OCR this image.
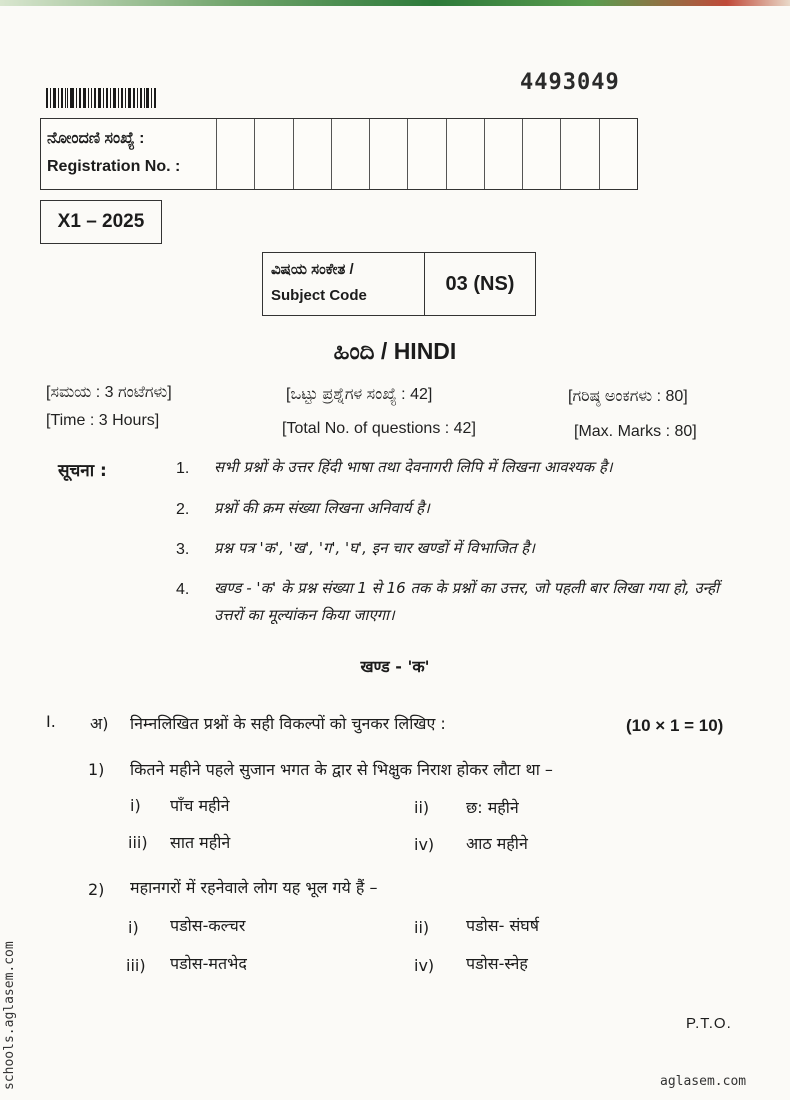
4493049
ನೋಂದಣಿ ಸಂಖ್ಯೆ :
Registration No. :
X1 – 2025
ವಿಷಯ ಸಂಕೇತ /
Subject Code
03 (NS)
ಹಿಂದಿ / HINDI
[ಸಮಯ : 3 ಗಂಟೆಗಳು]
[Time : 3 Hours]
[ಒಟ್ಟು ಪ್ರಶ್ನೆಗಳ ಸಂಖ್ಯೆ : 42]
[Total No. of questions : 42]
[ಗರಿಷ್ಠ ಅಂಕಗಳು : 80]
[Max. Marks : 80]
सूचना :	1. सभी प्रश्नों के उत्तर हिंदी भाषा तथा देवनागरी लिपि में लिखना आवश्यक है।
2. प्रश्नों की क्रम संख्या लिखना अनिवार्य है।
3. प्रश्न पत्र 'क', 'ख', 'ग', 'घ', इन चार खण्डों में विभाजित है।
4. खण्ड - 'क' के प्रश्न संख्या 1 से 16 तक के प्रश्नों का उत्तर, जो पहली बार लिखा गया हो, उन्हीं उत्तरों का मूल्यांकन किया जाएगा।
खण्ड - 'क'
I. अ) निम्नलिखित प्रश्नों के सही विकल्पों को चुनकर लिखिए :	(10 × 1 = 10)
1) कितने महीने पहले सुजान भगत के द्वार से भिक्षुक निराश होकर लौटा था –
i) पाँच महीने	ii) छ: महीने
iii) सात महीने	iv) आठ महीने
2) महानगरों में रहनेवाले लोग यह भूल गये हैं –
i) पडोस-कल्चर	ii) पडोस- संघर्ष
iii) पडोस-मतभेद	iv) पडोस-स्नेह
P.T.O.
schools.aglasem.com	aglasem.com
